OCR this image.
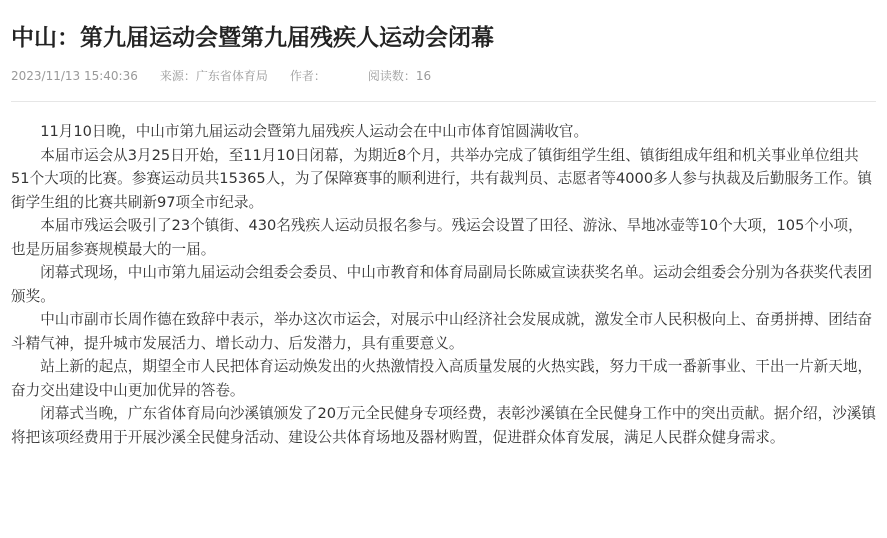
中山：第九届运动会暨第九届残疾人运动会闭幕
2023/11/13 15:40:36 来源：广东省体育局 作者：	阅读数：16

11月10日晚，中山市第九届运动会暨第九届残疾人运动会在中山市体育馆圆满收官。

本届市运会从3月25日开始，至11月10日闭幕，为期近8个月，共举办完成了镇街组学生组、镇街组成年组和机关事业单位组共51个大项的比赛。参赛运动员共15365人，为了保障赛事的顺利进行，共有裁判员、志愿者等4000多人参与执裁及后勤服务工作。镇街学生组的比赛共刷新97项全市纪录。

本届市残运会吸引了23个镇街、430名残疾人运动员报名参与。残运会设置了田径、游泳、旱地冰壶等10个大项，105个小项，也是历届参赛规模最大的一届。

闭幕式现场，中山市第九届运动会组委会委员、中山市教育和体育局副局长陈威宣读获奖名单。运动会组委会分别为各获奖代表团颁奖。

中山市副市长周作德在致辞中表示，举办这次市运会，对展示中山经济社会发展成就，激发全市人民积极向上、奋勇拼搏、团结奋斗精气神，提升城市发展活力、增长动力、后发潜力，具有重要意义。

站上新的起点，期望全市人民把体育运动焕发出的火热激情投入高质量发展的火热实践，努力干成一番新事业、干出一片新天地，奋力交出建设中山更加优异的答卷。

闭幕式当晚，广东省体育局向沙溪镇颁发了20万元全民健身专项经费，表彰沙溪镇在全民健身工作中的突出贡献。据介绍，沙溪镇将把该项经费用于开展沙溪全民健身活动、建设公共体育场地及器材购置，促进群众体育发展，满足人民群众健身需求。
